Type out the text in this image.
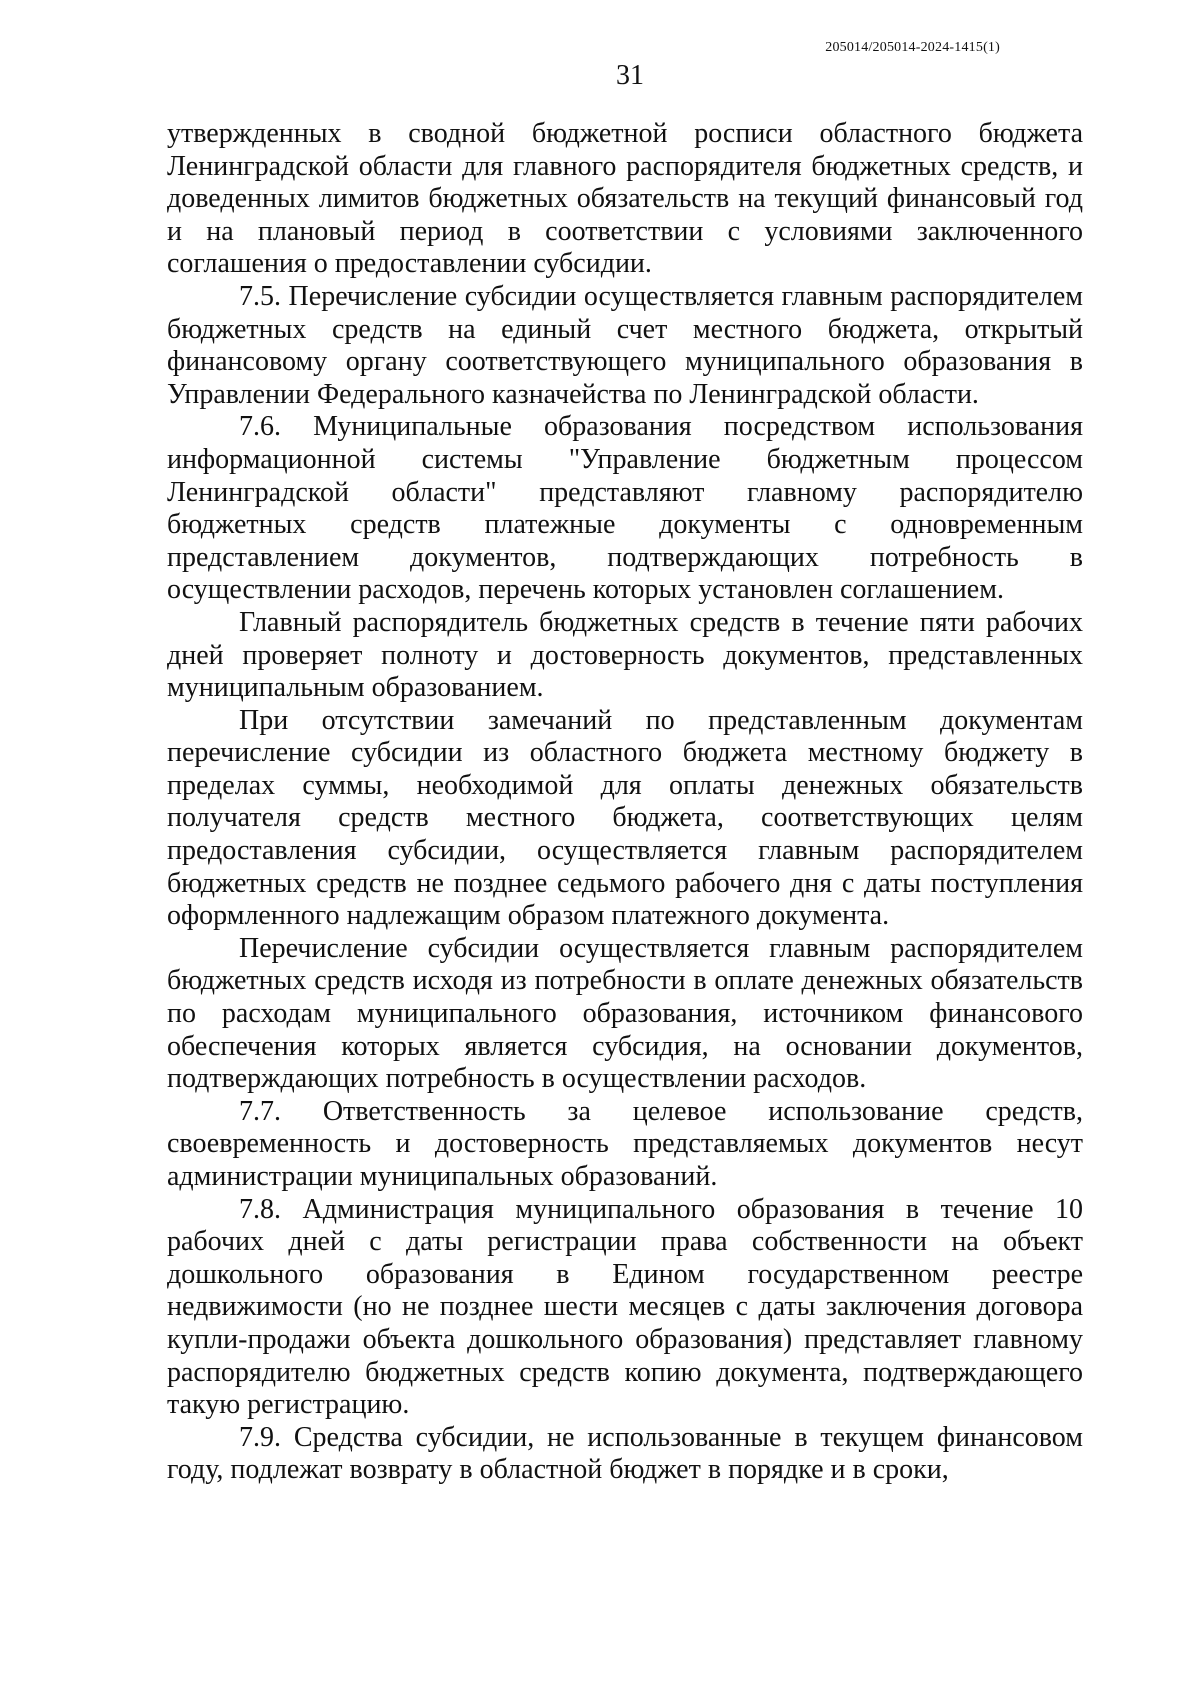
205014/205014-2024-1415(1)
31

утвержденных в сводной бюджетной росписи областного бюджета Ленинградской области для главного распорядителя бюджетных средств, и доведенных лимитов бюджетных обязательств на текущий финансовый год и на плановый период в соответствии с условиями заключенного соглашения о предоставлении субсидии.

7.5. Перечисление субсидии осуществляется главным распорядителем бюджетных средств на единый счет местного бюджета, открытый финансовому органу соответствующего муниципального образования в Управлении Федерального казначейства по Ленинградской области.

7.6. Муниципальные образования посредством использования информационной системы "Управление бюджетным процессом Ленинградской области" представляют главному распорядителю бюджетных средств платежные документы с одновременным представлением документов, подтверждающих потребность в осуществлении расходов, перечень которых установлен соглашением.

Главный распорядитель бюджетных средств в течение пяти рабочих дней проверяет полноту и достоверность документов, представленных муниципальным образованием.

При отсутствии замечаний по представленным документам перечисление субсидии из областного бюджета местному бюджету в пределах суммы, необходимой для оплаты денежных обязательств получателя средств местного бюджета, соответствующих целям предоставления субсидии, осуществляется главным распорядителем бюджетных средств не позднее седьмого рабочего дня с даты поступления оформленного надлежащим образом платежного документа.

Перечисление субсидии осуществляется главным распорядителем бюджетных средств исходя из потребности в оплате денежных обязательств по расходам муниципального образования, источником финансового обеспечения которых является субсидия, на основании документов, подтверждающих потребность в осуществлении расходов.

7.7. Ответственность за целевое использование средств, своевременность и достоверность представляемых документов несут администрации муниципальных образований.

7.8. Администрация муниципального образования в течение 10 рабочих дней с даты регистрации права собственности на объект дошкольного образования в Едином государственном реестре недвижимости (но не позднее шести месяцев с даты заключения договора купли-продажи объекта дошкольного образования) представляет главному распорядителю бюджетных средств копию документа, подтверждающего такую регистрацию.

7.9. Средства субсидии, не использованные в текущем финансовом году, подлежат возврату в областной бюджет в порядке и в сроки,
